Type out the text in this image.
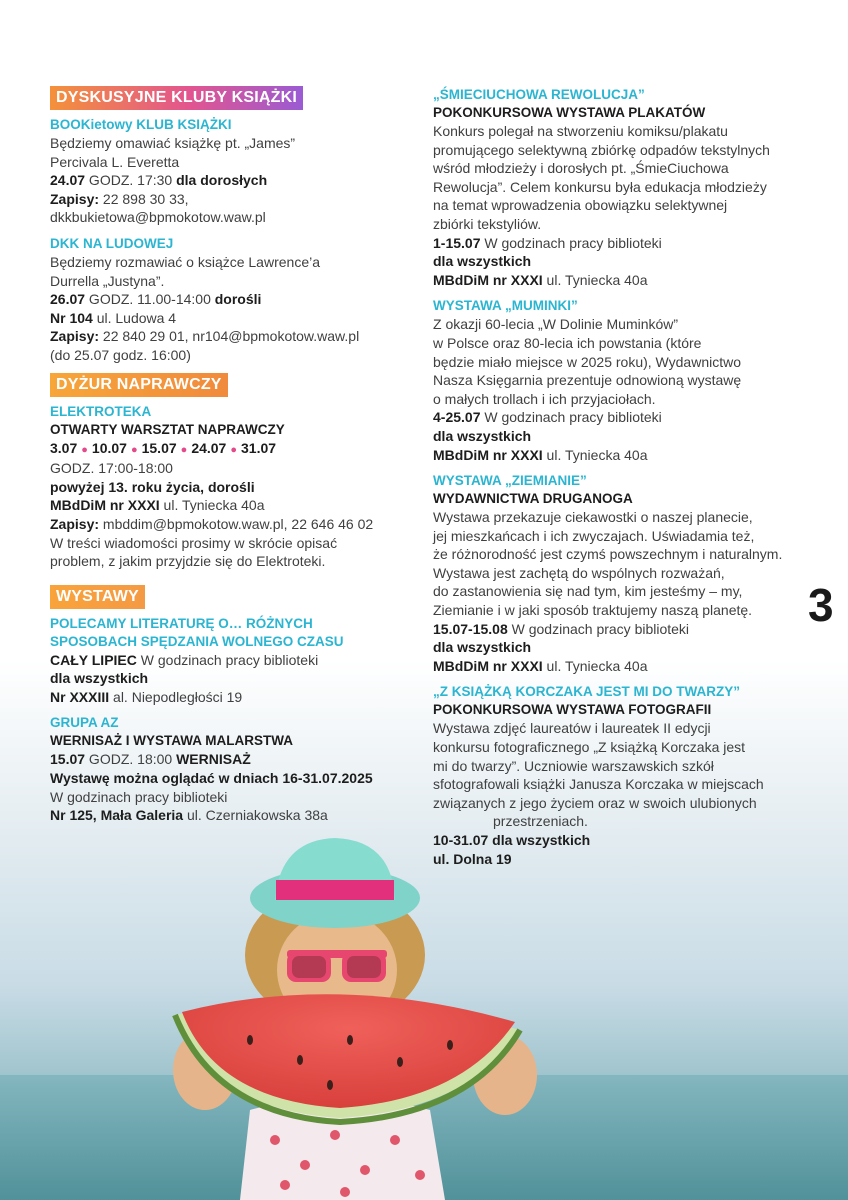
3
DYSKUSYJNE KLUBY KSIĄŻKI
BOOKietowy KLUB KSIĄŻKI
Będziemy omawiać książkę pt. „James”
Percivala L. Everetta
24.07 GODZ. 17:30 dla dorosłych
Zapisy: 22 898 30 33,
dkkbukietowa@bpmokotow.waw.pl
DKK NA LUDOWEJ
Będziemy rozmawiać o książce Lawrence’a
Durrella „Justyna”.
26.07 GODZ. 11.00-14:00 dorośli
Nr 104 ul. Ludowa 4
Zapisy: 22 840 29 01, nr104@bpmokotow.waw.pl
(do 25.07 godz. 16:00)
DYŻUR NAPRAWCZY
ELEKTROTEKA
OTWARTY WARSZTAT NAPRAWCZY
3.07 ● 10.07 ● 15.07 ● 24.07 ● 31.07
GODZ. 17:00-18:00
powyżej 13. roku życia, dorośli
MBdDiM nr XXXI ul. Tyniecka 40a
Zapisy: mbddim@bpmokotow.waw.pl, 22 646 46 02
W treści wiadomości prosimy w skrócie opisać
problem, z jakim przyjdzie się do Elektroteki.
WYSTAWY
POLECAMY LITERATURĘ O… RÓŻNYCH
SPOSOBACH SPĘDZANIA WOLNEGO CZASU
CAŁY LIPIEC W godzinach pracy biblioteki
dla wszystkich
Nr XXXIII al. Niepodległości 19
GRUPA AZ
WERNISAŻ I WYSTAWA MALARSTWA
15.07 GODZ. 18:00 WERNISAŻ
Wystawę można oglądać w dniach 16-31.07.2025
W godzinach pracy biblioteki
Nr 125, Mała Galeria ul. Czerniakowska 38a
„ŚMIECIUCHOWA REWOLUCJA”
POKONKURSOWA WYSTAWA PLAKATÓW
Konkurs polegał na stworzeniu komiksu/plakatu
promującego selektywną zbiórkę odpadów tekstylnych
wśród młodzieży i dorosłych pt. „ŚmieCiuchowa
Rewolucja”. Celem konkursu była edukacja młodzieży
na temat wprowadzenia obowiązku selektywnej
zbiórki tekstyliów.
1-15.07 W godzinach pracy biblioteki
dla wszystkich
MBdDiM nr XXXI ul. Tyniecka 40a
WYSTAWA „MUMINKI”
Z okazji 60-lecia „W Dolinie Muminków”
w Polsce oraz 80-lecia ich powstania (które
będzie miało miejsce w 2025 roku), Wydawnictwo
Nasza Księgarnia prezentuje odnowioną wystawę
o małych trollach i ich przyjaciołach.
4-25.07 W godzinach pracy biblioteki
dla wszystkich
MBdDiM nr XXXI ul. Tyniecka 40a
WYSTAWA „ZIEMIANIE”
WYDAWNICTWA DRUGANOGA
Wystawa przekazuje ciekawostki o naszej planecie,
jej mieszkańcach i ich zwyczajach. Uświadamia też,
że różnorodność jest czymś powszechnym i naturalnym.
Wystawa jest zachętą do wspólnych rozważań,
do zastanowienia się nad tym, kim jesteśmy – my,
Ziemianie i w jaki sposób traktujemy naszą planetę.
15.07-15.08 W godzinach pracy biblioteki
dla wszystkich
MBdDiM nr XXXI ul. Tyniecka 40a
„Z KSIĄŻKĄ KORCZAKA JEST MI DO TWARZY”
POKONKURSOWA WYSTAWA FOTOGRAFII
Wystawa zdjęć laureatów i laureatek II edycji
konkursu fotograficznego „Z książką Korczaka jest
mi do twarzy”. Uczniowie warszawskich szkół
sfotografowali książki Janusza Korczaka w miejscach
związanych z jego życiem oraz w swoich ulubionych
przestrzeniach.
10-31.07 dla wszystkich
ul. Dolna 19
